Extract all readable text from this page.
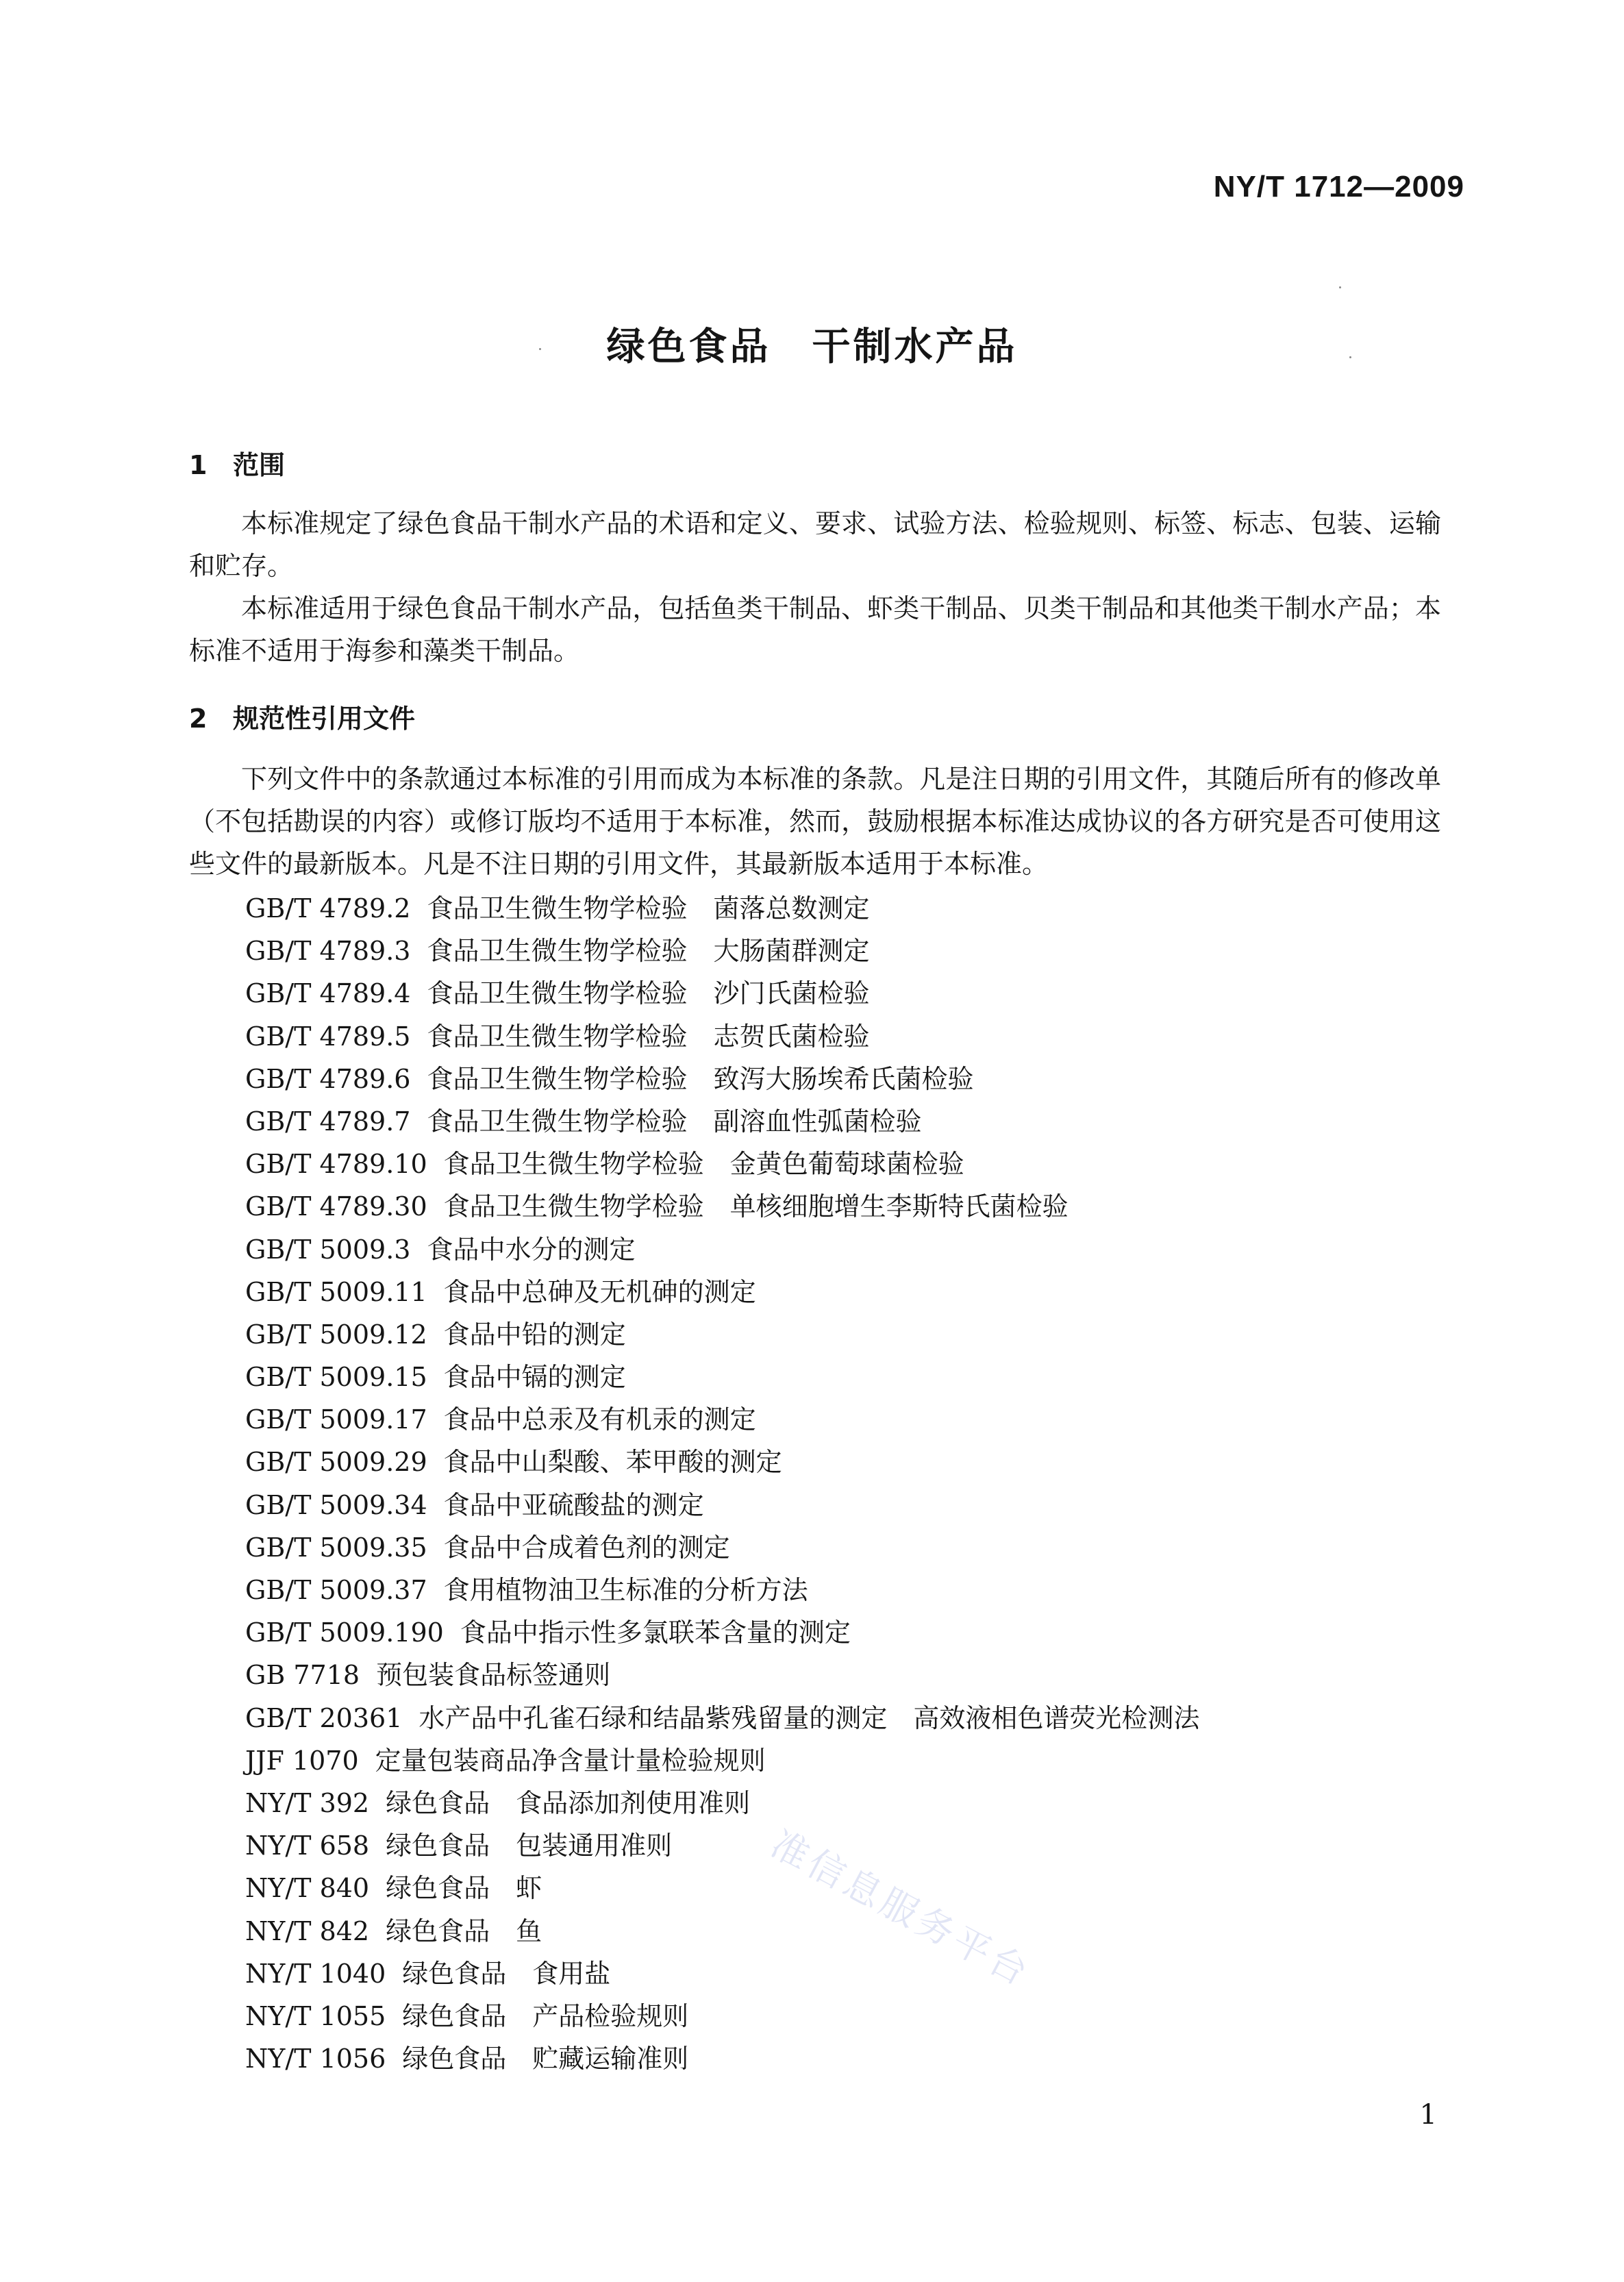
NY/T 1712—2009
绿色食品　干制水产品
1 范围
本标准规定了绿色食品干制水产品的术语和定义、要求、试验方法、检验规则、标签、标志、包装、运输和贮存。
本标准适用于绿色食品干制水产品，包括鱼类干制品、虾类干制品、贝类干制品和其他类干制水产品；本标准不适用于海参和藻类干制品。
2 规范性引用文件
下列文件中的条款通过本标准的引用而成为本标准的条款。凡是注日期的引用文件，其随后所有的修改单（不包括勘误的内容）或修订版均不适用于本标准，然而，鼓励根据本标准达成协议的各方研究是否可使用这些文件的最新版本。凡是不注日期的引用文件，其最新版本适用于本标准。
GB/T 4789.2 食品卫生微生物学检验　菌落总数测定
GB/T 4789.3 食品卫生微生物学检验　大肠菌群测定
GB/T 4789.4 食品卫生微生物学检验　沙门氏菌检验
GB/T 4789.5 食品卫生微生物学检验　志贺氏菌检验
GB/T 4789.6 食品卫生微生物学检验　致泻大肠埃希氏菌检验
GB/T 4789.7 食品卫生微生物学检验　副溶血性弧菌检验
GB/T 4789.10 食品卫生微生物学检验　金黄色葡萄球菌检验
GB/T 4789.30 食品卫生微生物学检验　单核细胞增生李斯特氏菌检验
GB/T 5009.3 食品中水分的测定
GB/T 5009.11 食品中总砷及无机砷的测定
GB/T 5009.12 食品中铅的测定
GB/T 5009.15 食品中镉的测定
GB/T 5009.17 食品中总汞及有机汞的测定
GB/T 5009.29 食品中山梨酸、苯甲酸的测定
GB/T 5009.34 食品中亚硫酸盐的测定
GB/T 5009.35 食品中合成着色剂的测定
GB/T 5009.37 食用植物油卫生标准的分析方法
GB/T 5009.190 食品中指示性多氯联苯含量的测定
GB 7718 预包装食品标签通则
GB/T 20361 水产品中孔雀石绿和结晶紫残留量的测定　高效液相色谱荧光检测法
JJF 1070 定量包装商品净含量计量检验规则
NY/T 392 绿色食品　食品添加剂使用准则
NY/T 658 绿色食品　包装通用准则
NY/T 840 绿色食品　虾
NY/T 842 绿色食品　鱼
NY/T 1040 绿色食品　食用盐
NY/T 1055 绿色食品　产品检验规则
NY/T 1056 绿色食品　贮藏运输准则
准信息服务平台
1
